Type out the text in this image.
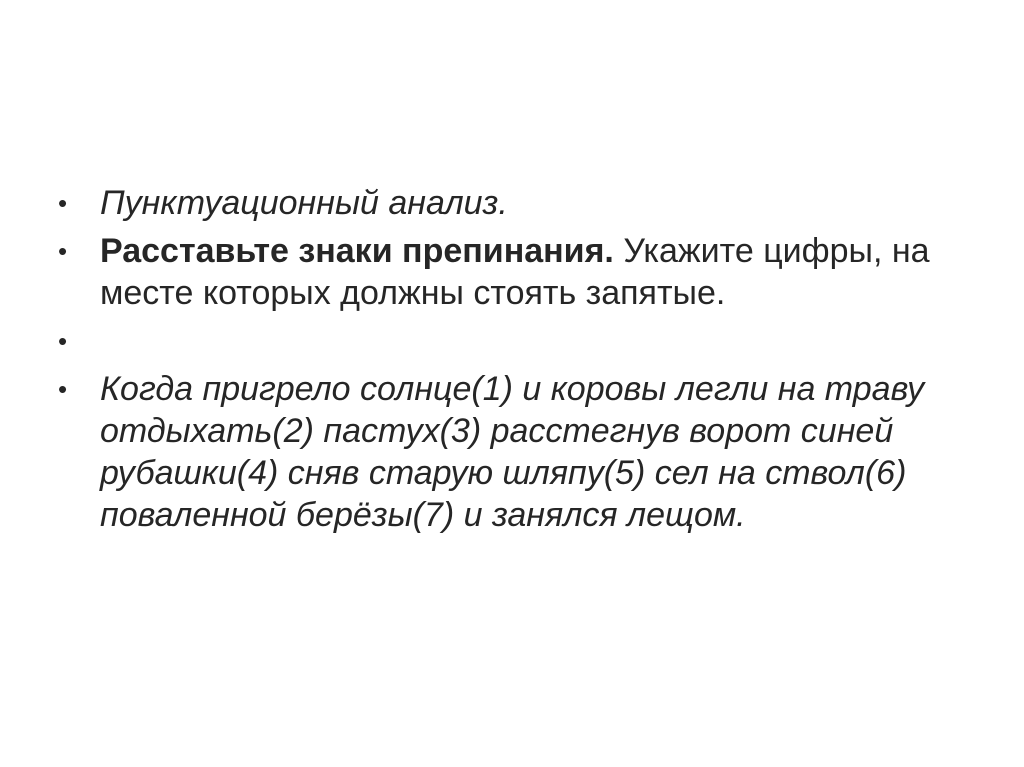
• Пунктуационный анализ.
• Расставьте знаки препинания. Укажите цифры, на месте которых должны стоять запятые.
•
• Когда пригрело солнце(1) и коровы легли на траву отдыхать(2) пастух(3) расстегнув ворот синей рубашки(4) сняв старую шляпу(5) сел на ствол(6) поваленной берёзы(7) и занялся лещом.
